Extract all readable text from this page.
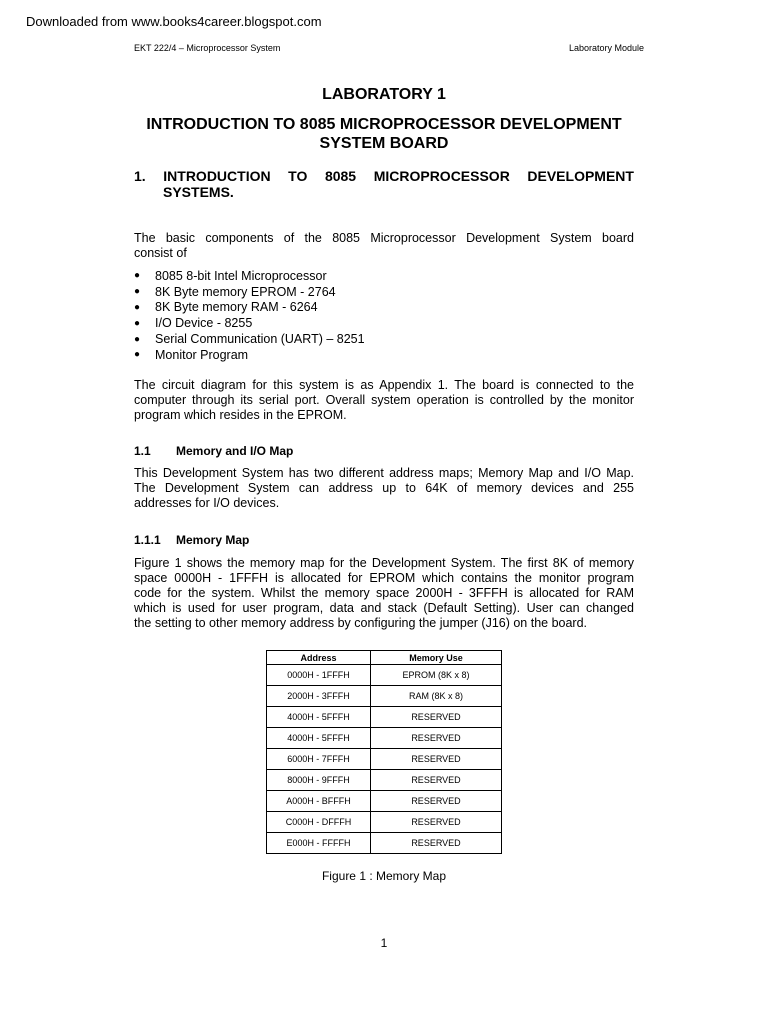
Downloaded from www.books4career.blogspot.com
EKT 222/4 – Microprocessor System	Laboratory Module
LABORATORY 1
INTRODUCTION TO 8085 MICROPROCESSOR DEVELOPMENT
SYSTEM BOARD
1. INTRODUCTION TO 8085 MICROPROCESSOR DEVELOPMENT
SYSTEMS.
The basic components of the 8085 Microprocessor Development System board
consist of
●	8085 8-bit Intel Microprocessor
●	8K Byte memory EPROM - 2764
●	8K Byte memory RAM - 6264
●	I/O Device - 8255
●	Serial Communication (UART) – 8251
●	Monitor Program
The circuit diagram for this system is as Appendix 1. The board is connected to the
computer through its serial port. Overall system operation is controlled by the monitor
program which resides in the EPROM.
1.1 Memory and I/O Map
This Development System has two different address maps; Memory Map and I/O Map.
The Development System can address up to 64K of memory devices and 255
addresses for I/O devices.
1.1.1 Memory Map
Figure 1 shows the memory map for the Development System. The first 8K of memory
space 0000H - 1FFFH is allocated for EPROM which contains the monitor program
code for the system. Whilst the memory space 2000H - 3FFFH is allocated for RAM
which is used for user program, data and stack (Default Setting). User can changed
the setting to other memory address by configuring the jumper (J16) on the board.
Address	Memory Use
0000H - 1FFFH	EPROM (8K x 8)
2000H - 3FFFH	RAM (8K x 8)
4000H - 5FFFH	RESERVED
4000H - 5FFFH	RESERVED
6000H - 7FFFH	RESERVED
8000H - 9FFFH	RESERVED
A000H - BFFFH	RESERVED
C000H - DFFFH	RESERVED
E000H - FFFFH	RESERVED
Figure 1 : Memory Map
1
